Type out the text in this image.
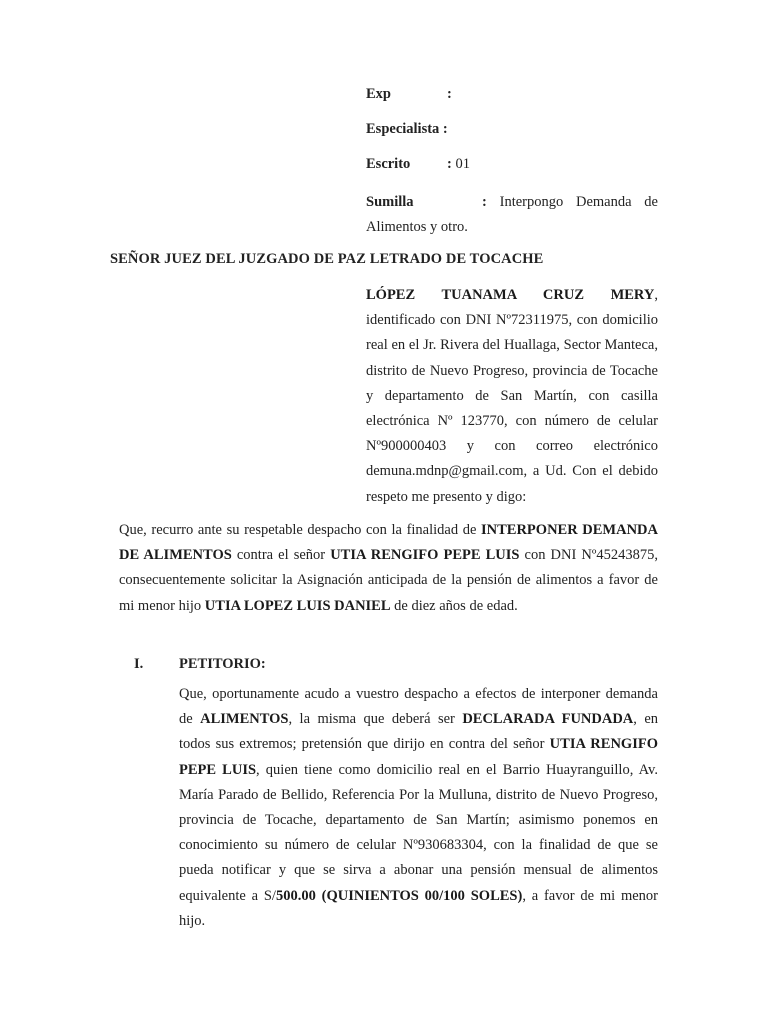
Exp	:
Especialista :
Escrito	: 01
Sumilla	: Interpongo Demanda de Alimentos y otro.
SEÑOR JUEZ DEL JUZGADO DE PAZ LETRADO DE TOCACHE
LÓPEZ TUANAMA CRUZ MERY, identificado con DNI Nº72311975, con domicilio real en el Jr. Rivera del Huallaga, Sector Manteca, distrito de Nuevo Progreso, provincia de Tocache y departamento de San Martín, con casilla electrónica Nº 123770, con número de celular Nº900000403 y con correo electrónico demuna.mdnp@gmail.com, a Ud. Con el debido respeto me presento y digo:
Que, recurro ante su respetable despacho con la finalidad de INTERPONER DEMANDA DE ALIMENTOS contra el señor UTIA RENGIFO PEPE LUIS con DNI Nº45243875, consecuentemente solicitar la Asignación anticipada de la pensión de alimentos a favor de mi menor hijo UTIA LOPEZ LUIS DANIEL de diez años de edad.
I. PETITORIO:
Que, oportunamente acudo a vuestro despacho a efectos de interponer demanda de ALIMENTOS, la misma que deberá ser DECLARADA FUNDADA, en todos sus extremos; pretensión que dirijo en contra del señor UTIA RENGIFO PEPE LUIS, quien tiene como domicilio real en el Barrio Huayranguillo, Av. María Parado de Bellido, Referencia Por la Mulluna, distrito de Nuevo Progreso, provincia de Tocache, departamento de San Martín; asimismo ponemos en conocimiento su número de celular Nº930683304, con la finalidad de que se pueda notificar y que se sirva a abonar una pensión mensual de alimentos equivalente a S/500.00 (QUINIENTOS 00/100 SOLES), a favor de mi menor hijo.
